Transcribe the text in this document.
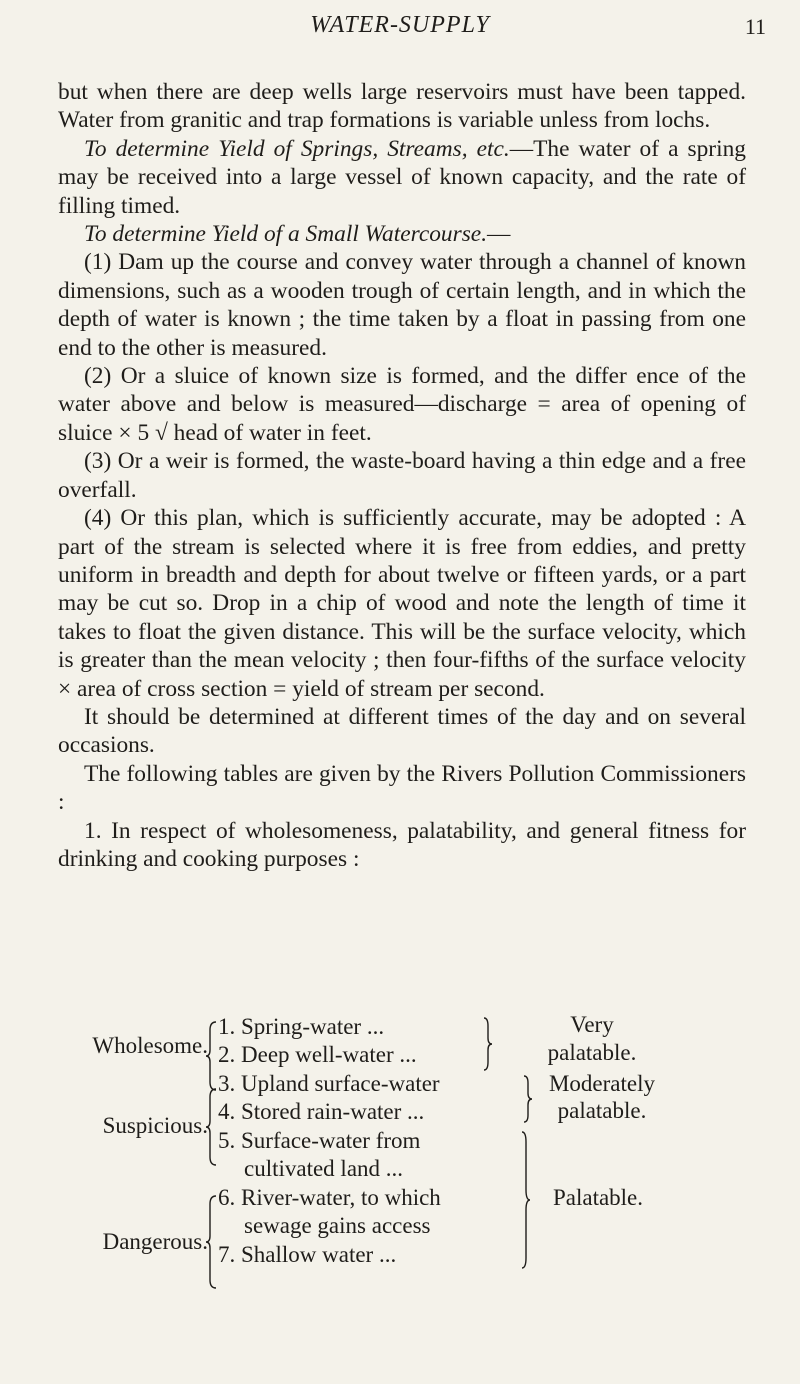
WATER-SUPPLY	11

but when there are deep wells large reservoirs must have been tapped. Water from granitic and trap formations is variable unless from lochs.

To determine Yield of Springs, Streams, etc.—The water of a spring may be received into a large vessel of known capacity, and the rate of filling timed.

To determine Yield of a Small Watercourse.—

(1) Dam up the course and convey water through a channel of known dimensions, such as a wooden trough of certain length, and in which the depth of water is known ; the time taken by a float in passing from one end to the other is measured.

(2) Or a sluice of known size is formed, and the differ ence of the water above and below is measured—discharge = area of opening of sluice × 5 √ head of water in feet.

(3) Or a weir is formed, the waste-board having a thin edge and a free overfall.

(4) Or this plan, which is sufficiently accurate, may be adopted : A part of the stream is selected where it is free from eddies, and pretty uniform in breadth and depth for about twelve or fifteen yards, or a part may be cut so. Drop in a chip of wood and note the length of time it takes to float the given distance. This will be the surface velocity, which is greater than the mean velocity ; then four-fifths of the surface velocity × area of cross section = yield of stream per second.

It should be determined at different times of the day and on several occasions.

The following tables are given by the Rivers Pollution Commissioners :

1. In respect of wholesomeness, palatability, and general fitness for drinking and cooking purposes :

Wholesome.
Suspicious.
Dangerous.
1. Spring-water ...
2. Deep well-water ...
3. Upland surface-water
4. Stored rain-water ...
5. Surface-water from
cultivated land ...
6. River-water, to which
sewage gains access
7. Shallow water ...
Very
palatable.
Moderately
palatable.
Palatable.
